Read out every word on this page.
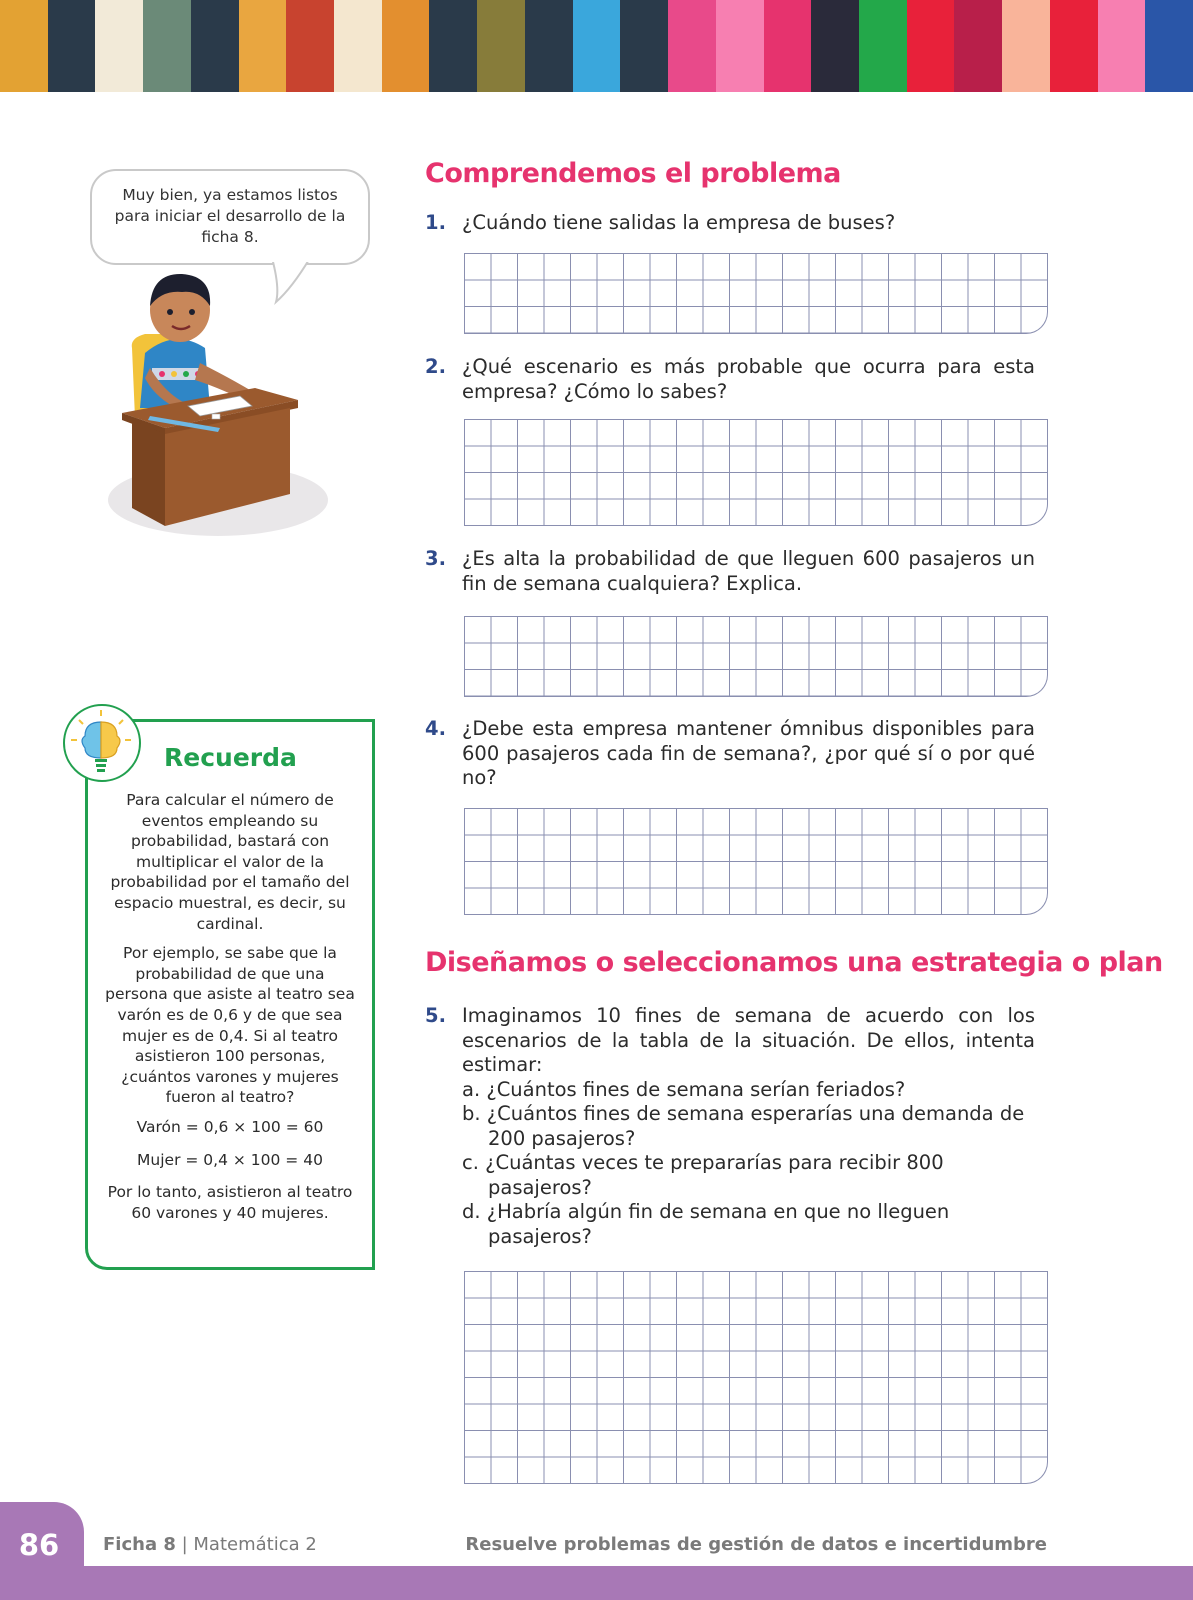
Muy bien, ya estamos listos para iniciar el desarrollo de la ficha 8.
Comprendemos el problema
1. ¿Cuándo tiene salidas la empresa de buses?
2. ¿Qué escenario es más probable que ocurra para esta empresa? ¿Cómo lo sabes?
3. ¿Es alta la probabilidad de que lleguen 600 pasajeros un fin de semana cualquiera? Explica.
4. ¿Debe esta empresa mantener ómnibus disponibles para 600 pasajeros cada fin de semana?, ¿por qué sí o por qué no?
Diseñamos o seleccionamos una estrategia o plan
5. Imaginamos 10 fines de semana de acuerdo con los escenarios de la tabla de la situación. De ellos, intenta estimar:
a. ¿Cuántos fines de semana serían feriados?
b. ¿Cuántos fines de semana esperarías una demanda de 200 pasajeros?
c. ¿Cuántas veces te prepararías para recibir 800 pasajeros?
d. ¿Habría algún fin de semana en que no lleguen pasajeros?
Recuerda

Para calcular el número de eventos empleando su probabilidad, bastará con multiplicar el valor de la probabilidad por el tamaño del espacio muestral, es decir, su cardinal.

Por ejemplo, se sabe que la probabilidad de que una persona que asiste al teatro sea varón es de 0,6 y de que sea mujer es de 0,4. Si al teatro asistieron 100 personas, ¿cuántos varones y mujeres fueron al teatro?

Varón = 0,6 × 100 = 60

Mujer = 0,4 × 100 = 40

Por lo tanto, asistieron al teatro 60 varones y 40 mujeres.

86	Ficha 8 | Matemática 2	Resuelve problemas de gestión de datos e incertidumbre
